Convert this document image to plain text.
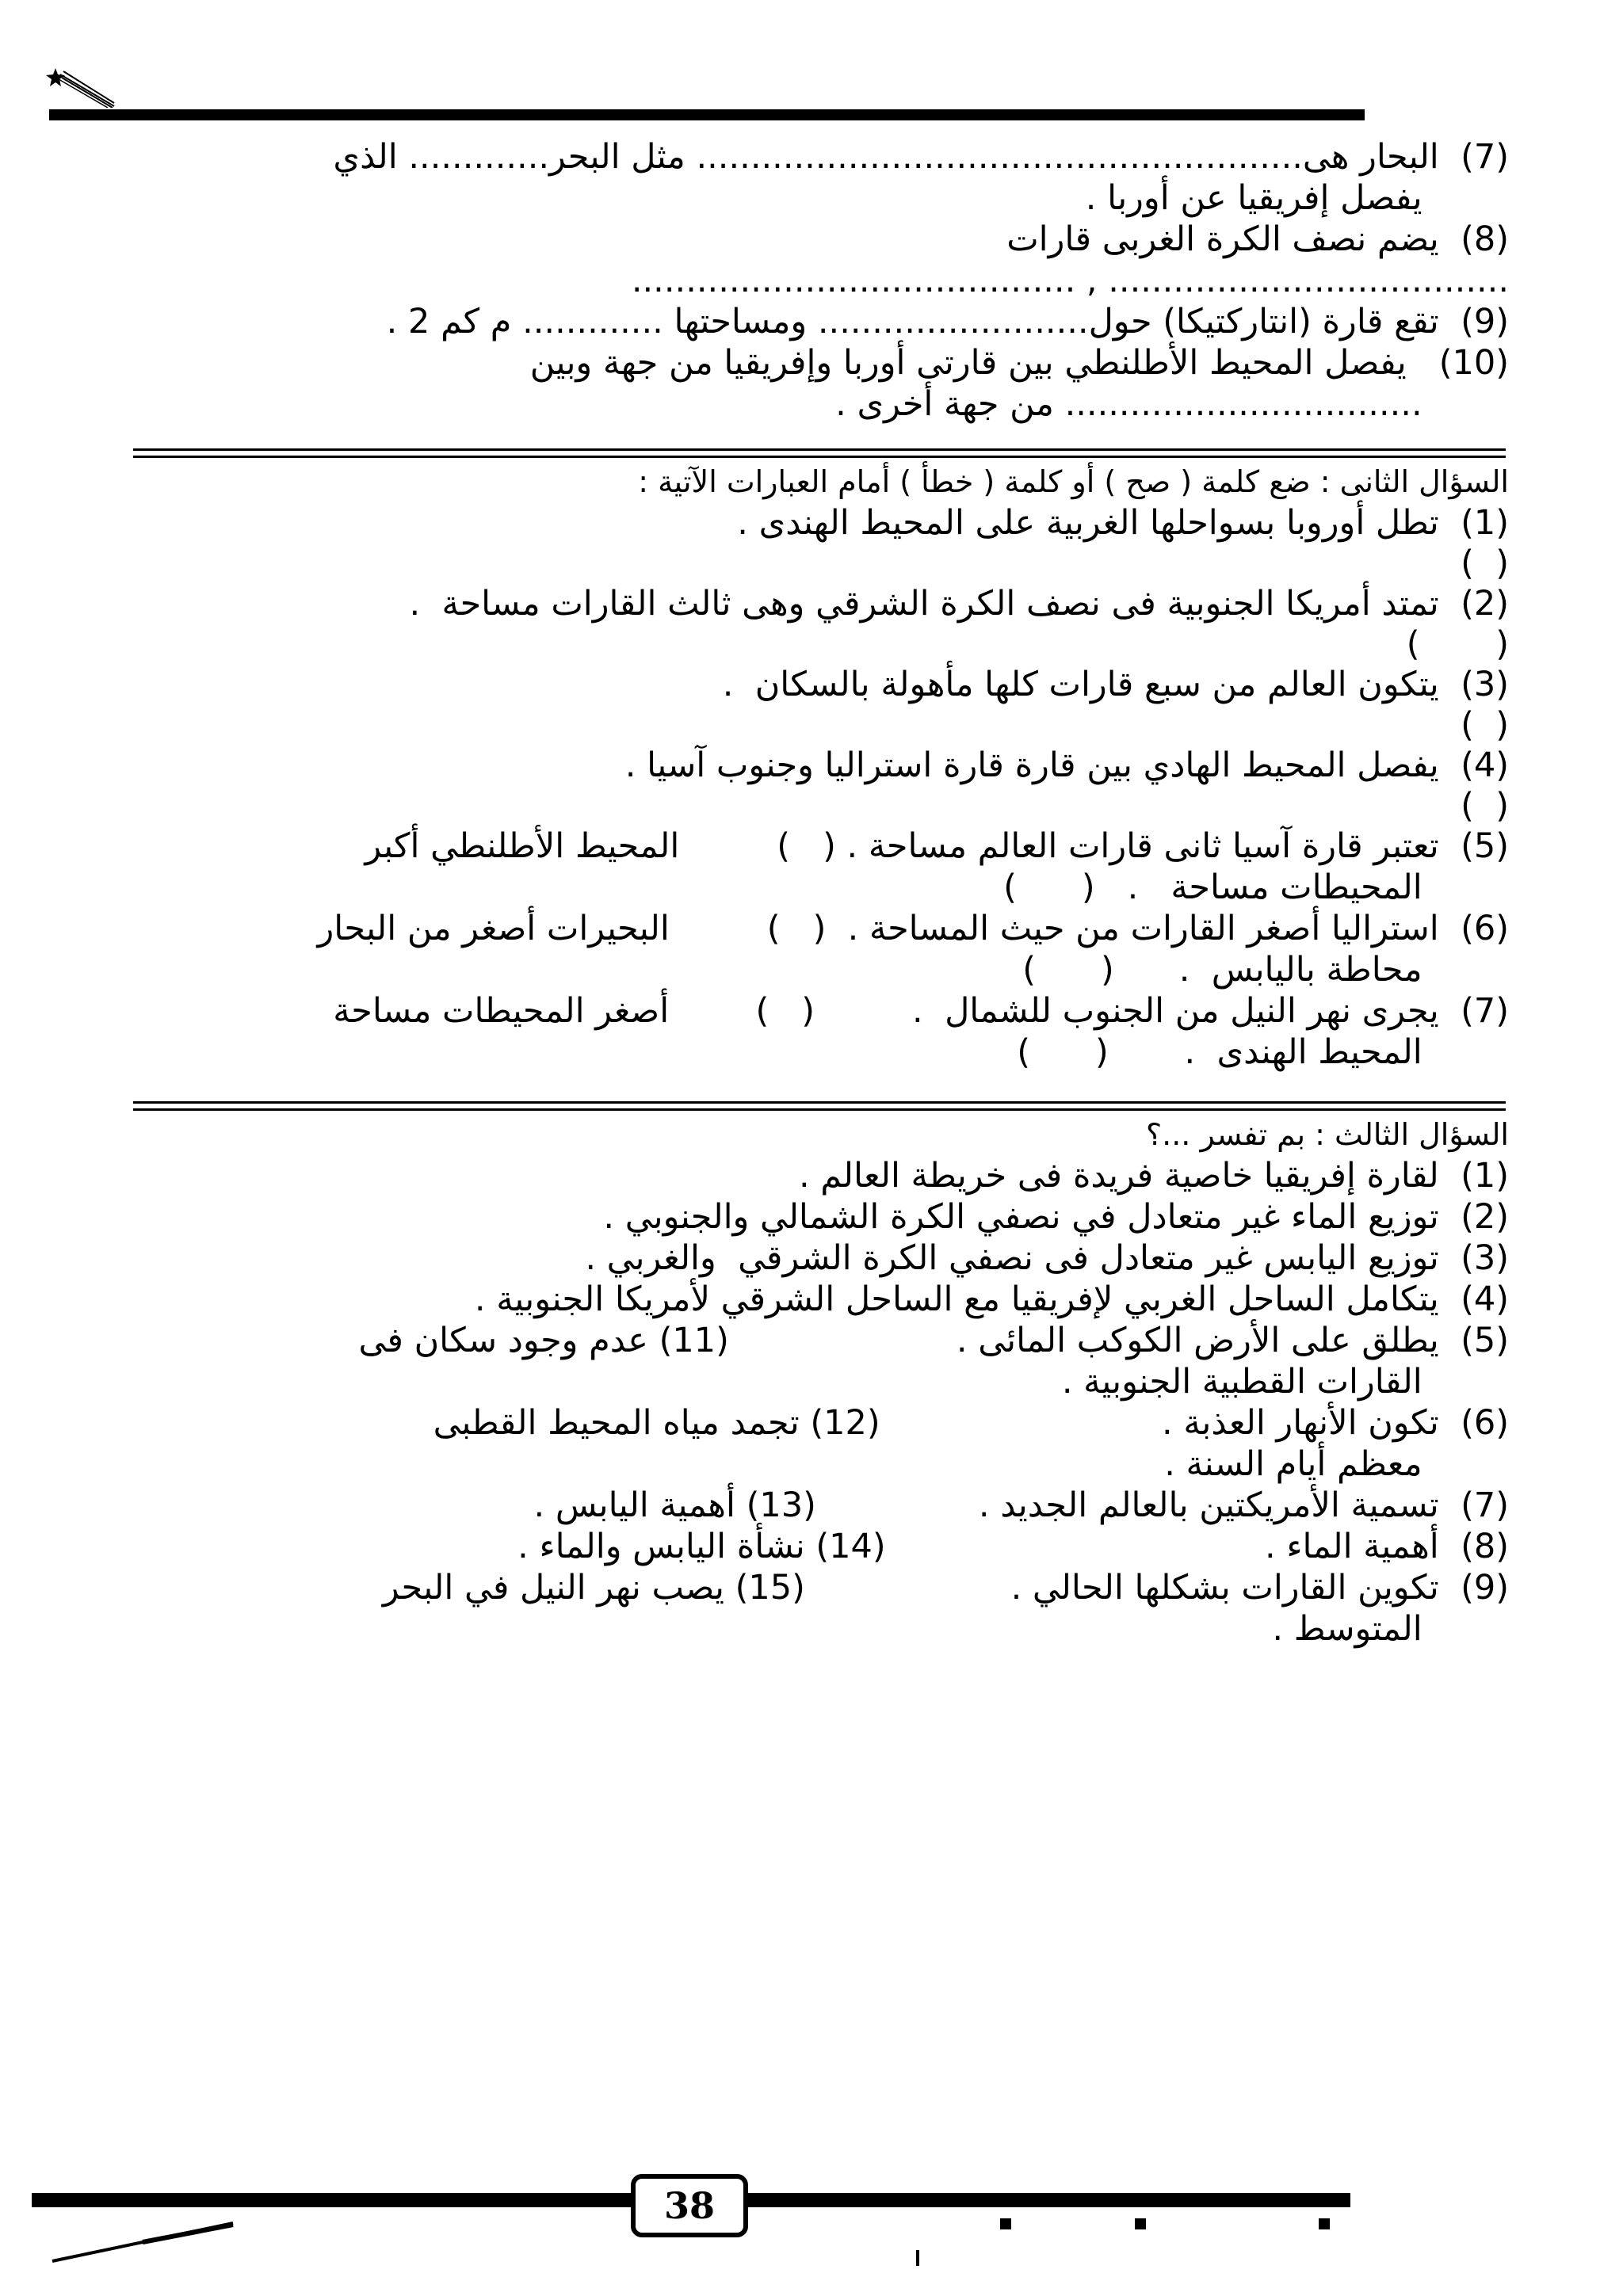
(7)  البحار هى........................................................ مثل البحر............. الذي
يفصل إفريقيا عن أوربا .
(8)  يضم نصف الكرة الغربى قارات
......................................... , .....................................
(9)  تقع قارة (انتاركتيكا) حول......................... ومساحتها ............. م كم 2 .
(10)   يفصل المحيط الأطلنطي بين قارتى أوربا وإفريقيا من جهة وبين
................................. من جهة أخرى .
السؤال الثانى : ضع كلمة ( صح ) أو كلمة ( خطأ ) أمام العبارات الآتية :
(1)  تطل أوروبا بسواحلها الغربية على المحيط الهندى .
(  )
(2)  تمتد أمريكا الجنوبية فى نصف الكرة الشرقي وهى ثالث القارات مساحة  .
(       )
(3)  يتكون العالم من سبع قارات كلها مأهولة بالسكان  .
(  )
(4)  يفصل المحيط الهادي بين قارة قارة استراليا وجنوب آسيا .
(  )
(5)  تعتبر قارة آسيا ثانى قارات العالم مساحة . (   )         المحيط الأطلنطي أكبر
المحيطات مساحة   .   (      )
(6)  استراليا أصغر القارات من حيث المساحة .  (   )         البحيرات أصغر من البحار
محاطة باليابس  .      (      )
(7)  يجرى نهر النيل من الجنوب للشمال  .         (   )        أصغر المحيطات مساحة
المحيط الهندى  .       (      )
السؤال الثالث : بم تفسر ...؟
(1)  لقارة إفريقيا خاصية فريدة فى خريطة العالم .
(2)  توزيع الماء غير متعادل في نصفي الكرة الشمالي والجنوبي .
(3)  توزيع اليابس غير متعادل فى نصفي الكرة الشرقي  والغربي .
(4)  يتكامل الساحل الغربي لإفريقيا مع الساحل الشرقي لأمريكا الجنوبية .
(5)  يطلق على الأرض الكوكب المائى .                     (11) عدم وجود سكان فى
القارات القطبية الجنوبية .
(6)  تكون الأنهار العذبة .                          (12) تجمد مياه المحيط القطبى
معظم أيام السنة .
(7)  تسمية الأمريكتين بالعالم الجديد .               (13) أهمية اليابس .
(8)  أهمية الماء .                                   (14) نشأة اليابس والماء .
(9)  تكوين القارات بشكلها الحالي .                   (15) يصب نهر النيل في البحر
المتوسط .
38
